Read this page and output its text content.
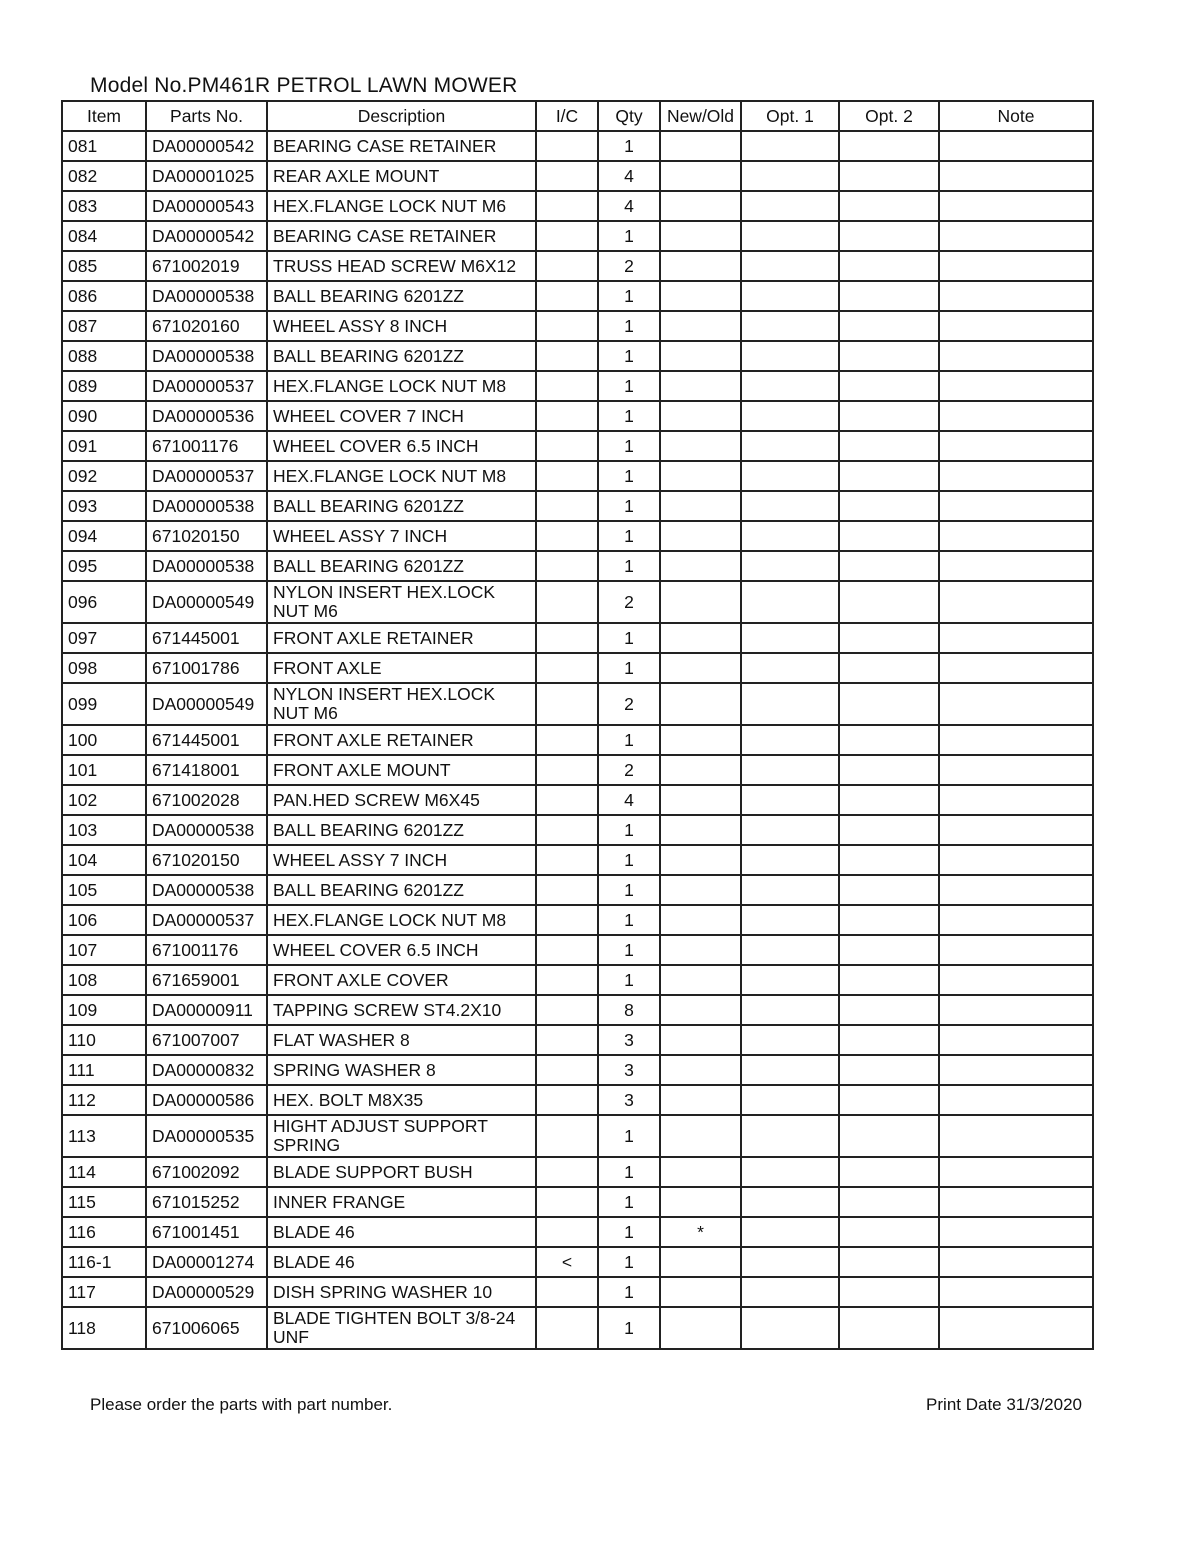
Model No.PM461R PETROL LAWN MOWER
Item	Parts No.	Description	I/C	Qty	New/Old	Opt. 1	Opt. 2	Note
081	DA00000542	BEARING CASE RETAINER		1				
082	DA00001025	REAR AXLE MOUNT		4				
083	DA00000543	HEX.FLANGE LOCK NUT M6		4				
084	DA00000542	BEARING CASE RETAINER		1				
085	671002019	TRUSS HEAD SCREW M6X12		2				
086	DA00000538	BALL BEARING 6201ZZ		1				
087	671020160	WHEEL ASSY 8 INCH		1				
088	DA00000538	BALL BEARING 6201ZZ		1				
089	DA00000537	HEX.FLANGE LOCK NUT M8		1				
090	DA00000536	WHEEL COVER 7 INCH		1				
091	671001176	WHEEL COVER 6.5 INCH		1				
092	DA00000537	HEX.FLANGE LOCK NUT M8		1				
093	DA00000538	BALL BEARING 6201ZZ		1				
094	671020150	WHEEL ASSY 7 INCH		1				
095	DA00000538	BALL BEARING 6201ZZ		1				
096	DA00000549	NYLON INSERT HEX.LOCK NUT M6		2				
097	671445001	FRONT AXLE RETAINER		1				
098	671001786	FRONT AXLE		1				
099	DA00000549	NYLON INSERT HEX.LOCK NUT M6		2				
100	671445001	FRONT AXLE RETAINER		1				
101	671418001	FRONT AXLE MOUNT		2				
102	671002028	PAN.HED SCREW M6X45		4				
103	DA00000538	BALL BEARING 6201ZZ		1				
104	671020150	WHEEL ASSY 7 INCH		1				
105	DA00000538	BALL BEARING 6201ZZ		1				
106	DA00000537	HEX.FLANGE LOCK NUT M8		1				
107	671001176	WHEEL COVER 6.5 INCH		1				
108	671659001	FRONT AXLE COVER		1				
109	DA00000911	TAPPING SCREW ST4.2X10		8				
110	671007007	FLAT WASHER 8		3				
111	DA00000832	SPRING WASHER 8		3				
112	DA00000586	HEX. BOLT M8X35		3				
113	DA00000535	HIGHT ADJUST SUPPORT SPRING		1				
114	671002092	BLADE SUPPORT BUSH		1				
115	671015252	INNER FRANGE		1				
116	671001451	BLADE 46		1	*			
116-1	DA00001274	BLADE 46	<	1				
117	DA00000529	DISH SPRING WASHER 10		1				
118	671006065	BLADE TIGHTEN BOLT 3/8-24 UNF		1				
Please order the parts with part number.	Print Date 31/3/2020
